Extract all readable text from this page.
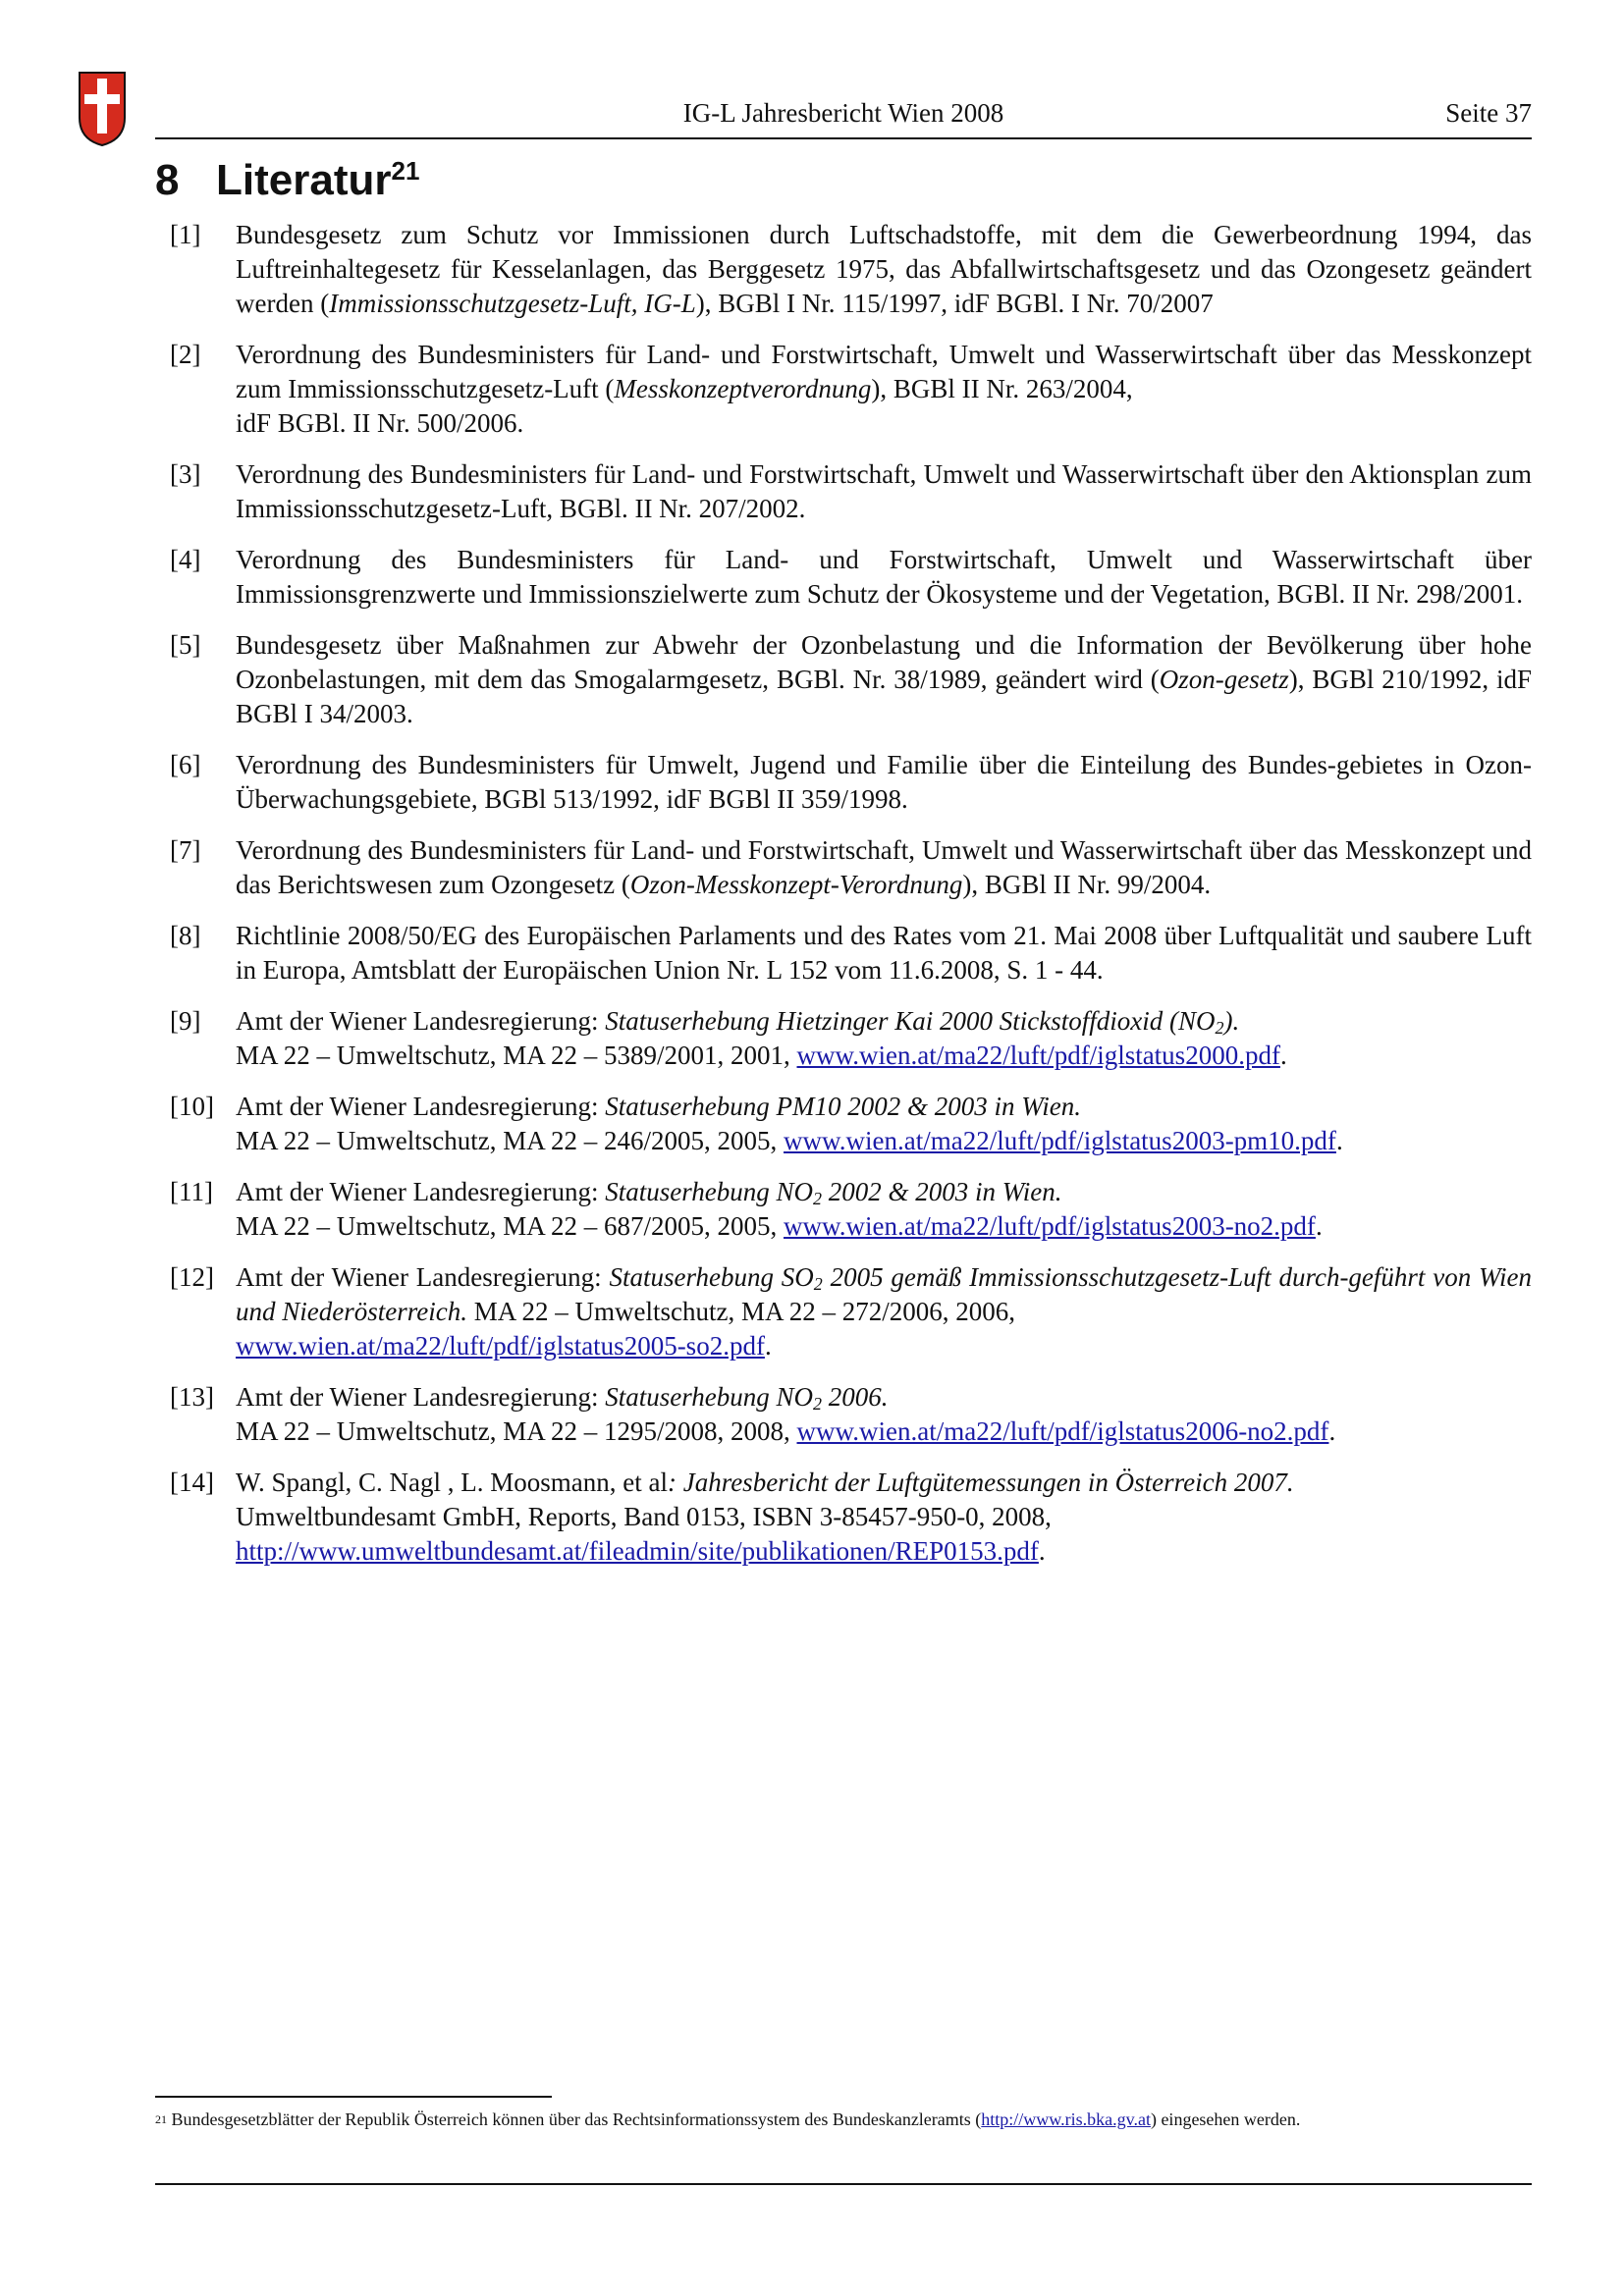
IG-L Jahresbericht Wien 2008	Seite 37
8 Literatur$^{21}$
[1] Bundesgesetz zum Schutz vor Immissionen durch Luftschadstoffe, mit dem die Gewerbeordnung 1994, das Luftreinhaltegesetz für Kesselanlagen, das Berggesetz 1975, das Abfallwirtschaftsgesetz und das Ozongesetz geändert werden (Immissionsschutzgesetz-Luft, IG-L), BGBl I Nr. 115/1997, idF BGBl. I Nr. 70/2007
[2] Verordnung des Bundesministers für Land- und Forstwirtschaft, Umwelt und Wasserwirtschaft über das Messkonzept zum Immissionsschutzgesetz-Luft (Messkonzeptverordnung), BGBl II Nr. 263/2004,
idF BGBl. II Nr. 500/2006.
[3] Verordnung des Bundesministers für Land- und Forstwirtschaft, Umwelt und Wasserwirtschaft über den Aktionsplan zum Immissionsschutzgesetz-Luft, BGBl. II Nr. 207/2002.
[4] Verordnung des Bundesministers für Land- und Forstwirtschaft, Umwelt und Wasserwirtschaft über Immissionsgrenzwerte und Immissionszielwerte zum Schutz der Ökosysteme und der Vegetation, BGBl. II Nr. 298/2001.
[5] Bundesgesetz über Maßnahmen zur Abwehr der Ozonbelastung und die Information der Bevölkerung über hohe Ozonbelastungen, mit dem das Smogalarmgesetz, BGBl. Nr. 38/1989, geändert wird (Ozon-gesetz), BGBl 210/1992, idF BGBl I 34/2003.
[6] Verordnung des Bundesministers für Umwelt, Jugend und Familie über die Einteilung des Bundes-gebietes in Ozon-Überwachungsgebiete, BGBl 513/1992, idF BGBl II 359/1998.
[7] Verordnung des Bundesministers für Land- und Forstwirtschaft, Umwelt und Wasserwirtschaft über das Messkonzept und das Berichtswesen zum Ozongesetz (Ozon-Messkonzept-Verordnung), BGBl II Nr. 99/2004.
[8] Richtlinie 2008/50/EG des Europäischen Parlaments und des Rates vom 21. Mai 2008 über Luftqualität und saubere Luft in Europa, Amtsblatt der Europäischen Union Nr. L 152 vom 11.6.2008, S. 1 - 44.
[9] Amt der Wiener Landesregierung: Statuserhebung Hietzinger Kai 2000 Stickstoffdioxid $(NO_2)$.
MA 22 – Umweltschutz, MA 22 – 5389/2001, 2001, www.wien.at/ma22/luft/pdf/iglstatus2000.pdf.
[10] Amt der Wiener Landesregierung: Statuserhebung PM10 2002 & 2003 in Wien.
MA 22 – Umweltschutz, MA 22 – 246/2005, 2005, www.wien.at/ma22/luft/pdf/iglstatus2003-pm10.pdf.
[11] Amt der Wiener Landesregierung: Statuserhebung $NO_2$ 2002 & 2003 in Wien.
MA 22 – Umweltschutz, MA 22 – 687/2005, 2005, www.wien.at/ma22/luft/pdf/iglstatus2003-no2.pdf.
[12] Amt der Wiener Landesregierung: Statuserhebung $SO_2$ 2005 gemäß Immissionsschutzgesetz-Luft durch-geführt von Wien und Niederösterreich. MA 22 – Umweltschutz, MA 22 – 272/2006, 2006,
www.wien.at/ma22/luft/pdf/iglstatus2005-so2.pdf.
[13] Amt der Wiener Landesregierung: Statuserhebung $NO_2$ 2006.
MA 22 – Umweltschutz, MA 22 – 1295/2008, 2008, www.wien.at/ma22/luft/pdf/iglstatus2006-no2.pdf.
[14] W. Spangl, C. Nagl , L. Moosmann, et al: Jahresbericht der Luftgütemessungen in Österreich 2007.
Umweltbundesamt GmbH, Reports, Band 0153, ISBN 3-85457-950-0, 2008,
http://www.umweltbundesamt.at/fileadmin/site/publikationen/REP0153.pdf.
$^{21}$ Bundesgesetzblätter der Republik Österreich können über das Rechtsinformationssystem des Bundeskanzleramts (http://www.ris.bka.gv.at) eingesehen werden.
